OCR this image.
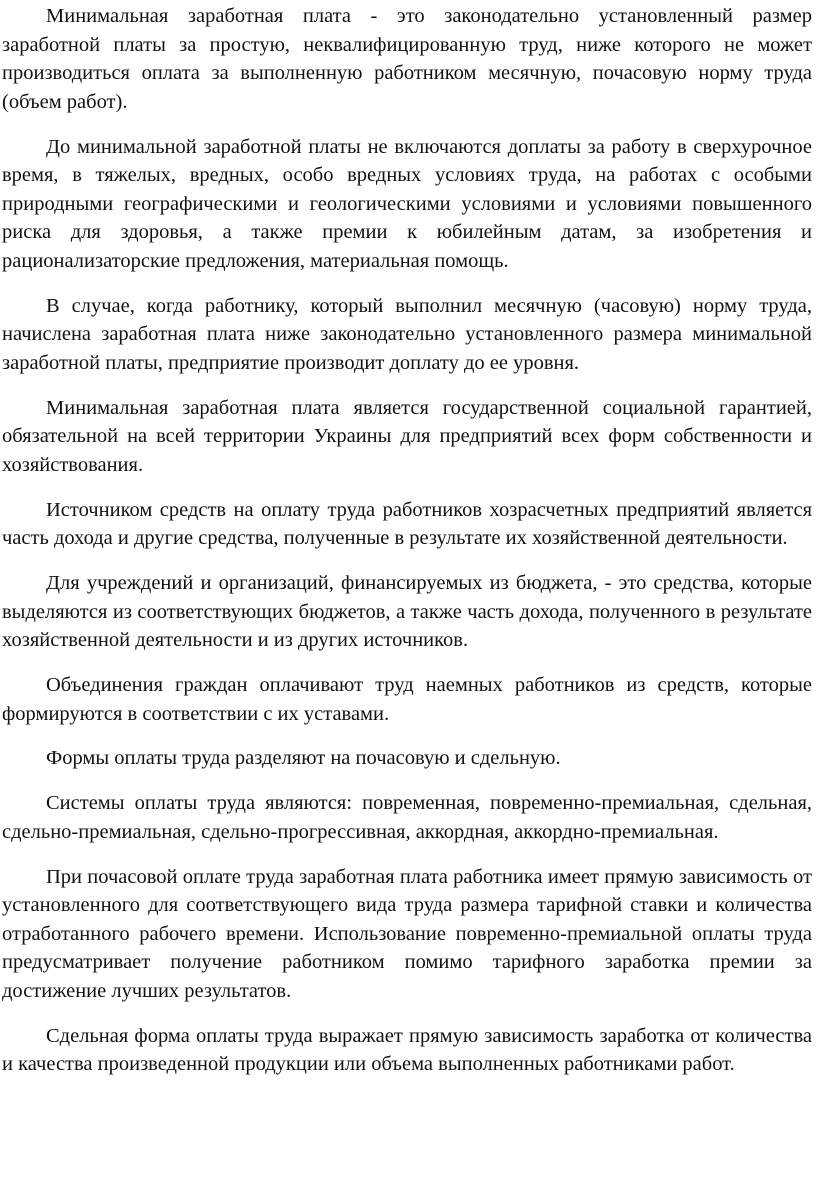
Минимальная заработная плата - это законодательно установленный размер заработной платы за простую, неквалифицированную труд, ниже которого не может производиться оплата за выполненную работником месячную, почасовую норму труда (объем работ).

До минимальной заработной платы не включаются доплаты за работу в сверхурочное время, в тяжелых, вредных, особо вредных условиях труда, на работах с особыми природными географическими и геологическими условиями и условиями повышенного риска для здоровья, а также премии к юбилейным датам, за изобретения и рационализаторские предложения, материальная помощь.

В случае, когда работнику, который выполнил месячную (часовую) норму труда, начислена заработная плата ниже законодательно установленного размера минимальной заработной платы, предприятие производит доплату до ее уровня.

Минимальная заработная плата является государственной социальной гарантией, обязательной на всей территории Украины для предприятий всех форм собственности и хозяйствования.

Источником средств на оплату труда работников хозрасчетных предприятий является часть дохода и другие средства, полученные в результате их хозяйственной деятельности.

Для учреждений и организаций, финансируемых из бюджета, - это средства, которые выделяются из соответствующих бюджетов, а также часть дохода, полученного в результате хозяйственной деятельности и из других источников.

Объединения граждан оплачивают труд наемных работников из средств, которые формируются в соответствии с их уставами.

Формы оплаты труда разделяют на почасовую и сдельную.

Системы оплаты труда являются: повременная, повременно-премиальная, сдельная, сдельно-премиальная, сдельно-прогрессивная, аккордная, аккордно-премиальная.

При почасовой оплате труда заработная плата работника имеет прямую зависимость от установленного для соответствующего вида труда размера тарифной ставки и количества отработанного рабочего времени. Использование повременно-премиальной оплаты труда предусматривает получение работником помимо тарифного заработка премии за достижение лучших результатов.

Сдельная форма оплаты труда выражает прямую зависимость заработка от количества и качества произведенной продукции или объема выполненных работниками работ.
